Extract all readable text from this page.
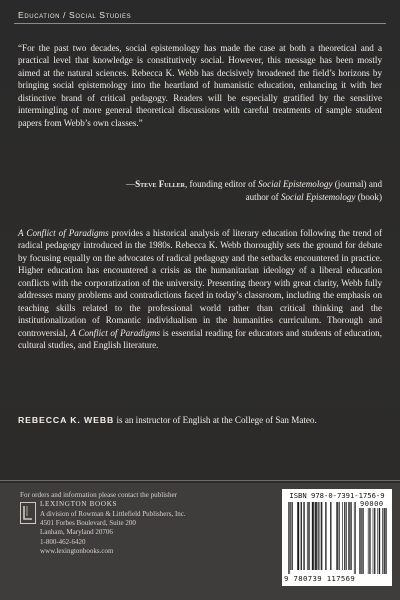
Education / Social Studies
“For the past two decades, social epistemology has made the case at both a theoretical and a practical level that knowledge is constitutively social. However, this message has been mostly aimed at the natural sciences. Rebecca K. Webb has decisively broadened the field’s horizons by bringing social epistemology into the heartland of humanistic education, enhancing it with her distinctive brand of critical pedagogy. Readers will be especially gratified by the sensitive intermingling of more general theoretical discussions with careful treatments of sample student papers from Webb’s own classes.”
—Steve Fuller, founding editor of Social Epistemology (journal) and
author of Social Epistemology (book)
A Conflict of Paradigms provides a historical analysis of literary education following the trend of radical pedagogy introduced in the 1980s. Rebecca K. Webb thoroughly sets the ground for debate by focusing equally on the advocates of radical pedagogy and the setbacks encountered in practice. Higher education has encountered a crisis as the humanitarian ideology of a liberal education conflicts with the corporatization of the university. Presenting theory with great clarity, Webb fully addresses many problems and contradictions faced in today’s classroom, including the emphasis on teaching skills related to the professional world rather than critical thinking and the institutionalization of Romantic individualism in the humanities curriculum. Thorough and controversial, A Conflict of Paradigms is essential reading for educators and students of education, cultural studies, and English literature.
REBECCA K. WEBB is an instructor of English at the College of San Mateo.
For orders and information please contact the publisher
LEXINGTON BOOKS
A division of Rowman & Littlefield Publishers, Inc.
4501 Forbes Boulevard, Suite 200
Lanham, Maryland 20706
1-800-462-6420
www.lexingtonbooks.com
ISBN 978-0-7391-1756-9
90000
9 780739 117569
